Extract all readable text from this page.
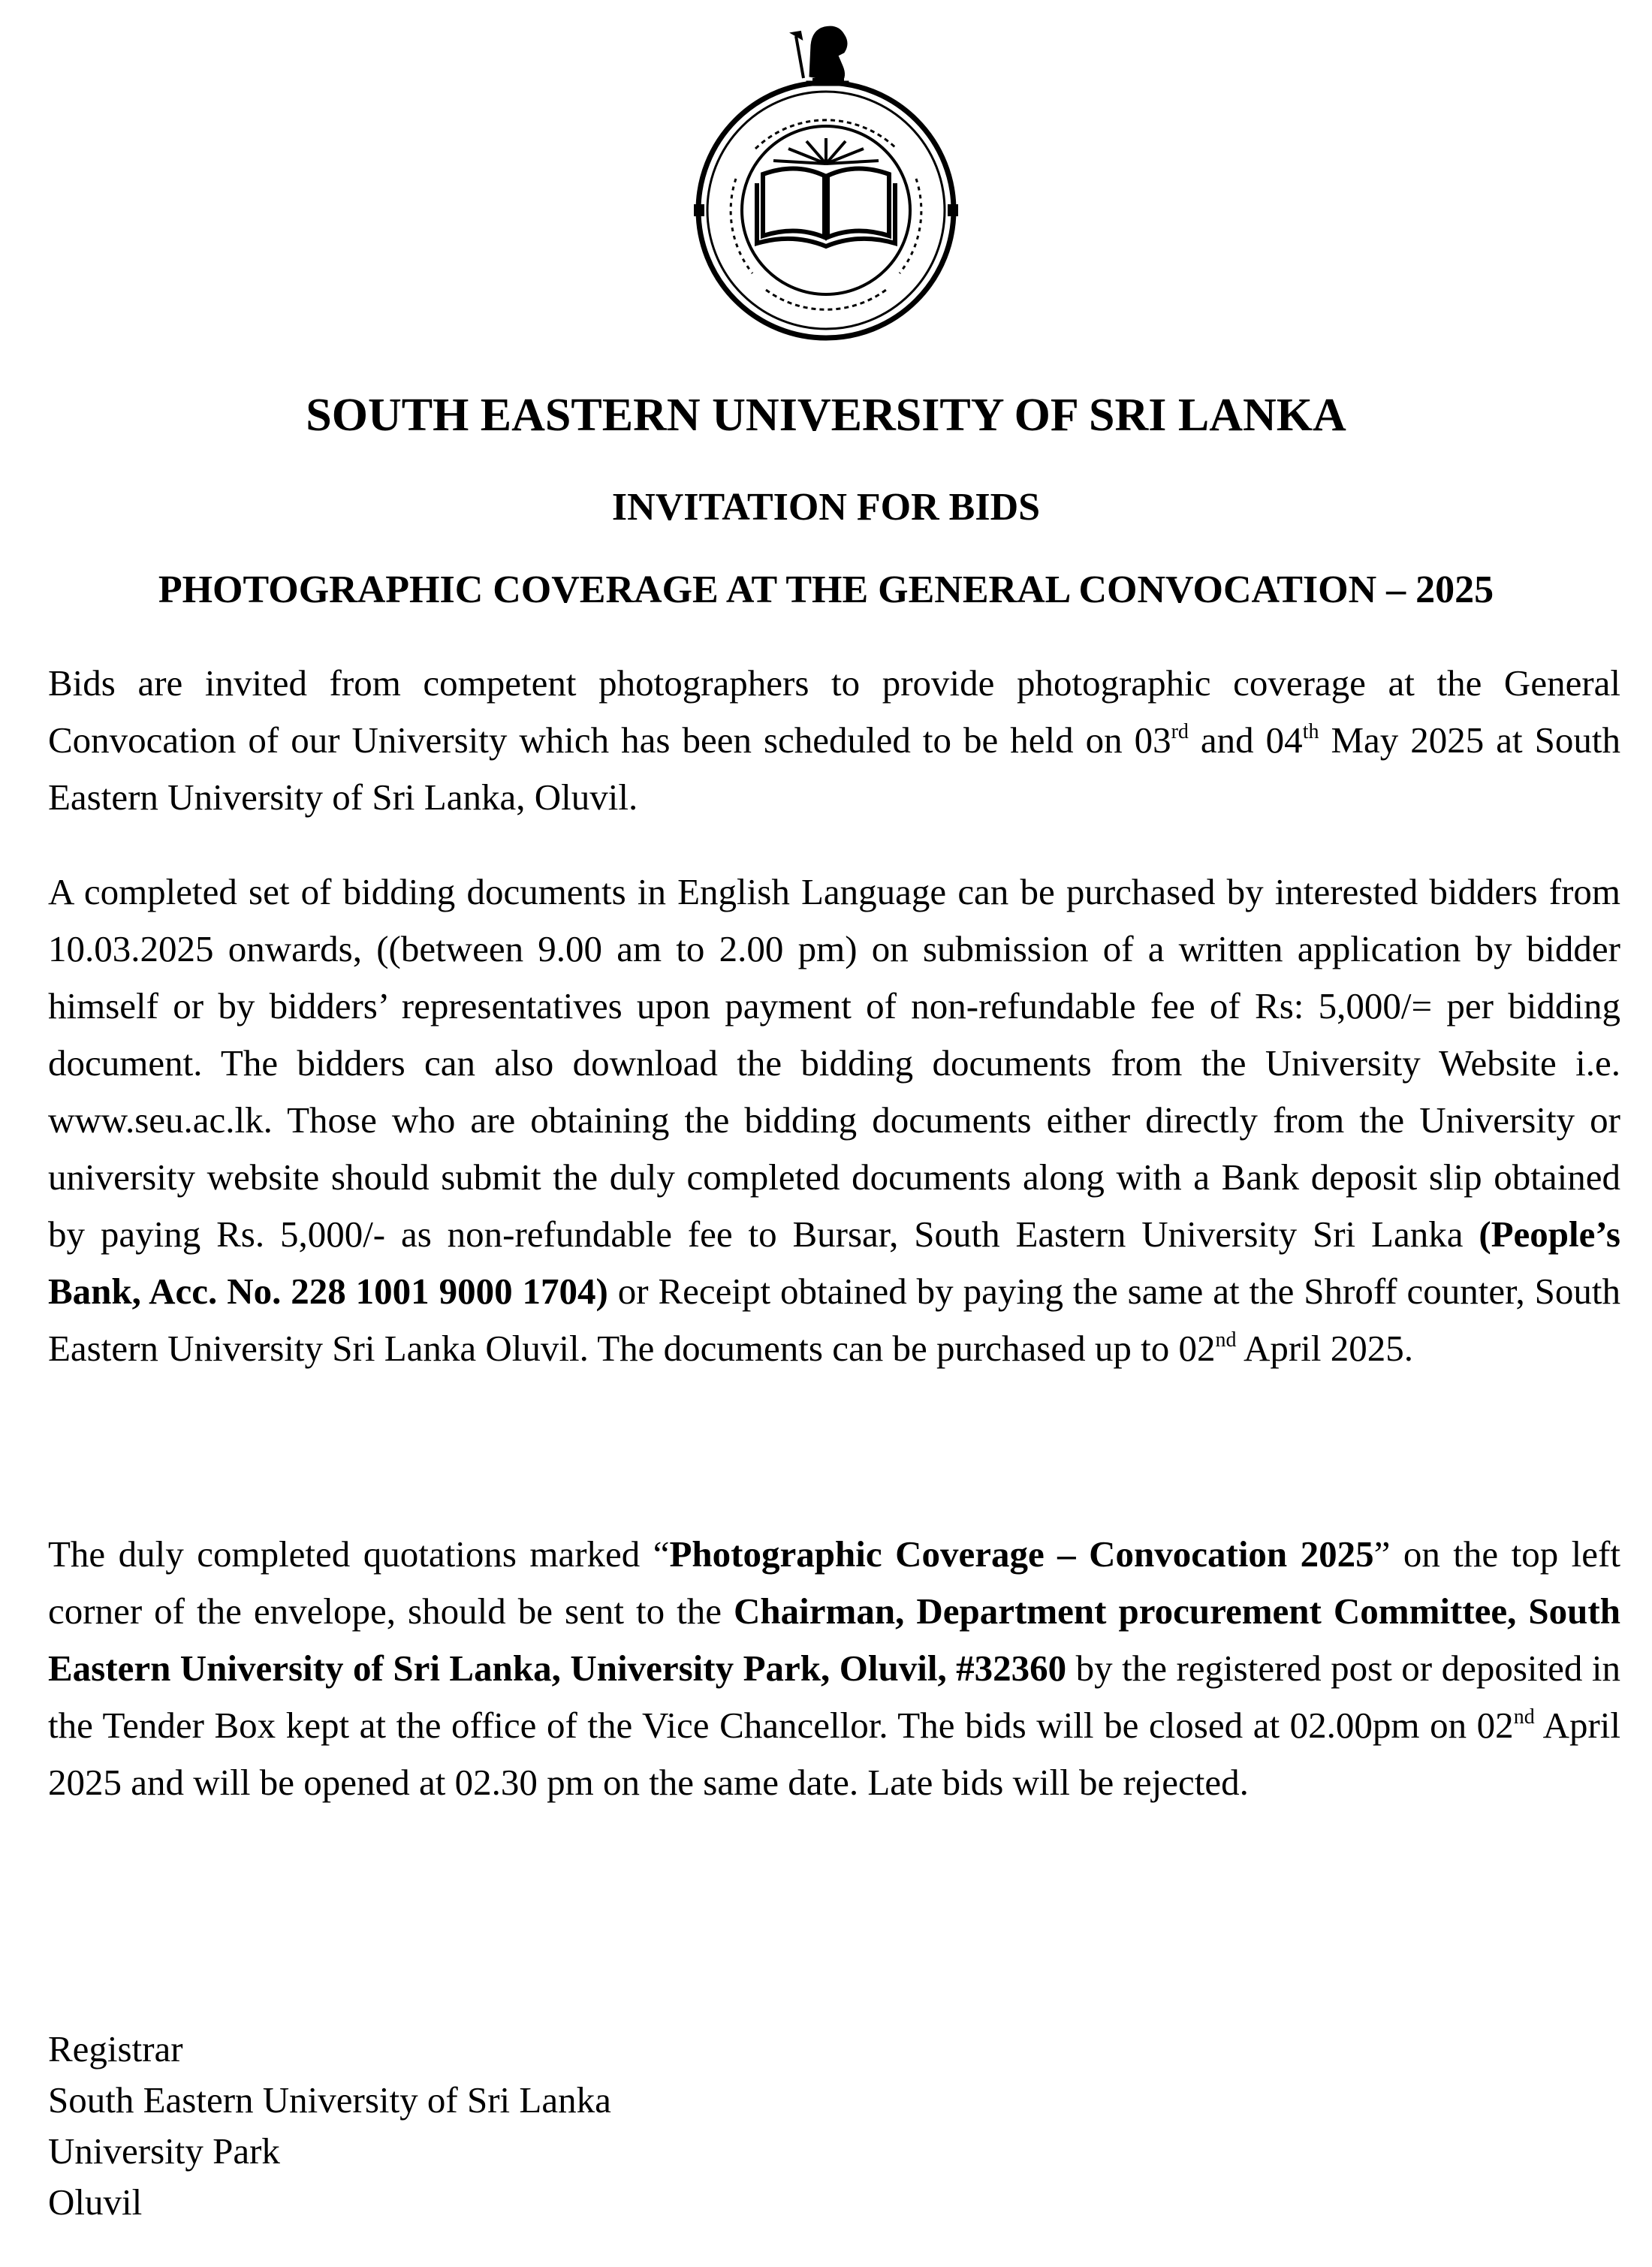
SOUTH EASTERN UNIVERSITY OF SRI LANKA
INVITATION FOR BIDS
PHOTOGRAPHIC COVERAGE AT THE GENERAL CONVOCATION – 2025

Bids are invited from competent photographers to provide photographic coverage at the General Convocation of our University which has been scheduled to be held on 03rd and 04th May 2025 at South Eastern University of Sri Lanka, Oluvil.

A completed set of bidding documents in English Language can be purchased by interested bidders from 10.03.2025 onwards, ((between 9.00 am to 2.00 pm) on submission of a written application by bidder himself or by bidders’ representatives upon payment of non-refundable fee of Rs: 5,000/= per bidding document. The bidders can also download the bidding documents from the University Website i.e. www.seu.ac.lk. Those who are obtaining the bidding documents either directly from the University or university website should submit the duly completed documents along with a Bank deposit slip obtained by paying Rs. 5,000/- as non-refundable fee to Bursar, South Eastern University Sri Lanka (People’s Bank, Acc. No. 228 1001 9000 1704) or Receipt obtained by paying the same at the Shroff counter, South Eastern University Sri Lanka Oluvil. The documents can be purchased up to 02nd April 2025.

The duly completed quotations marked “Photographic Coverage – Convocation 2025” on the top left corner of the envelope, should be sent to the Chairman, Department procurement Committee, South Eastern University of Sri Lanka, University Park, Oluvil, #32360 by the registered post or deposited in the Tender Box kept at the office of the Vice Chancellor. The bids will be closed at 02.00pm on 02nd April 2025 and will be opened at 02.30 pm on the same date. Late bids will be rejected.

Registrar
South Eastern University of Sri Lanka
University Park
Oluvil
